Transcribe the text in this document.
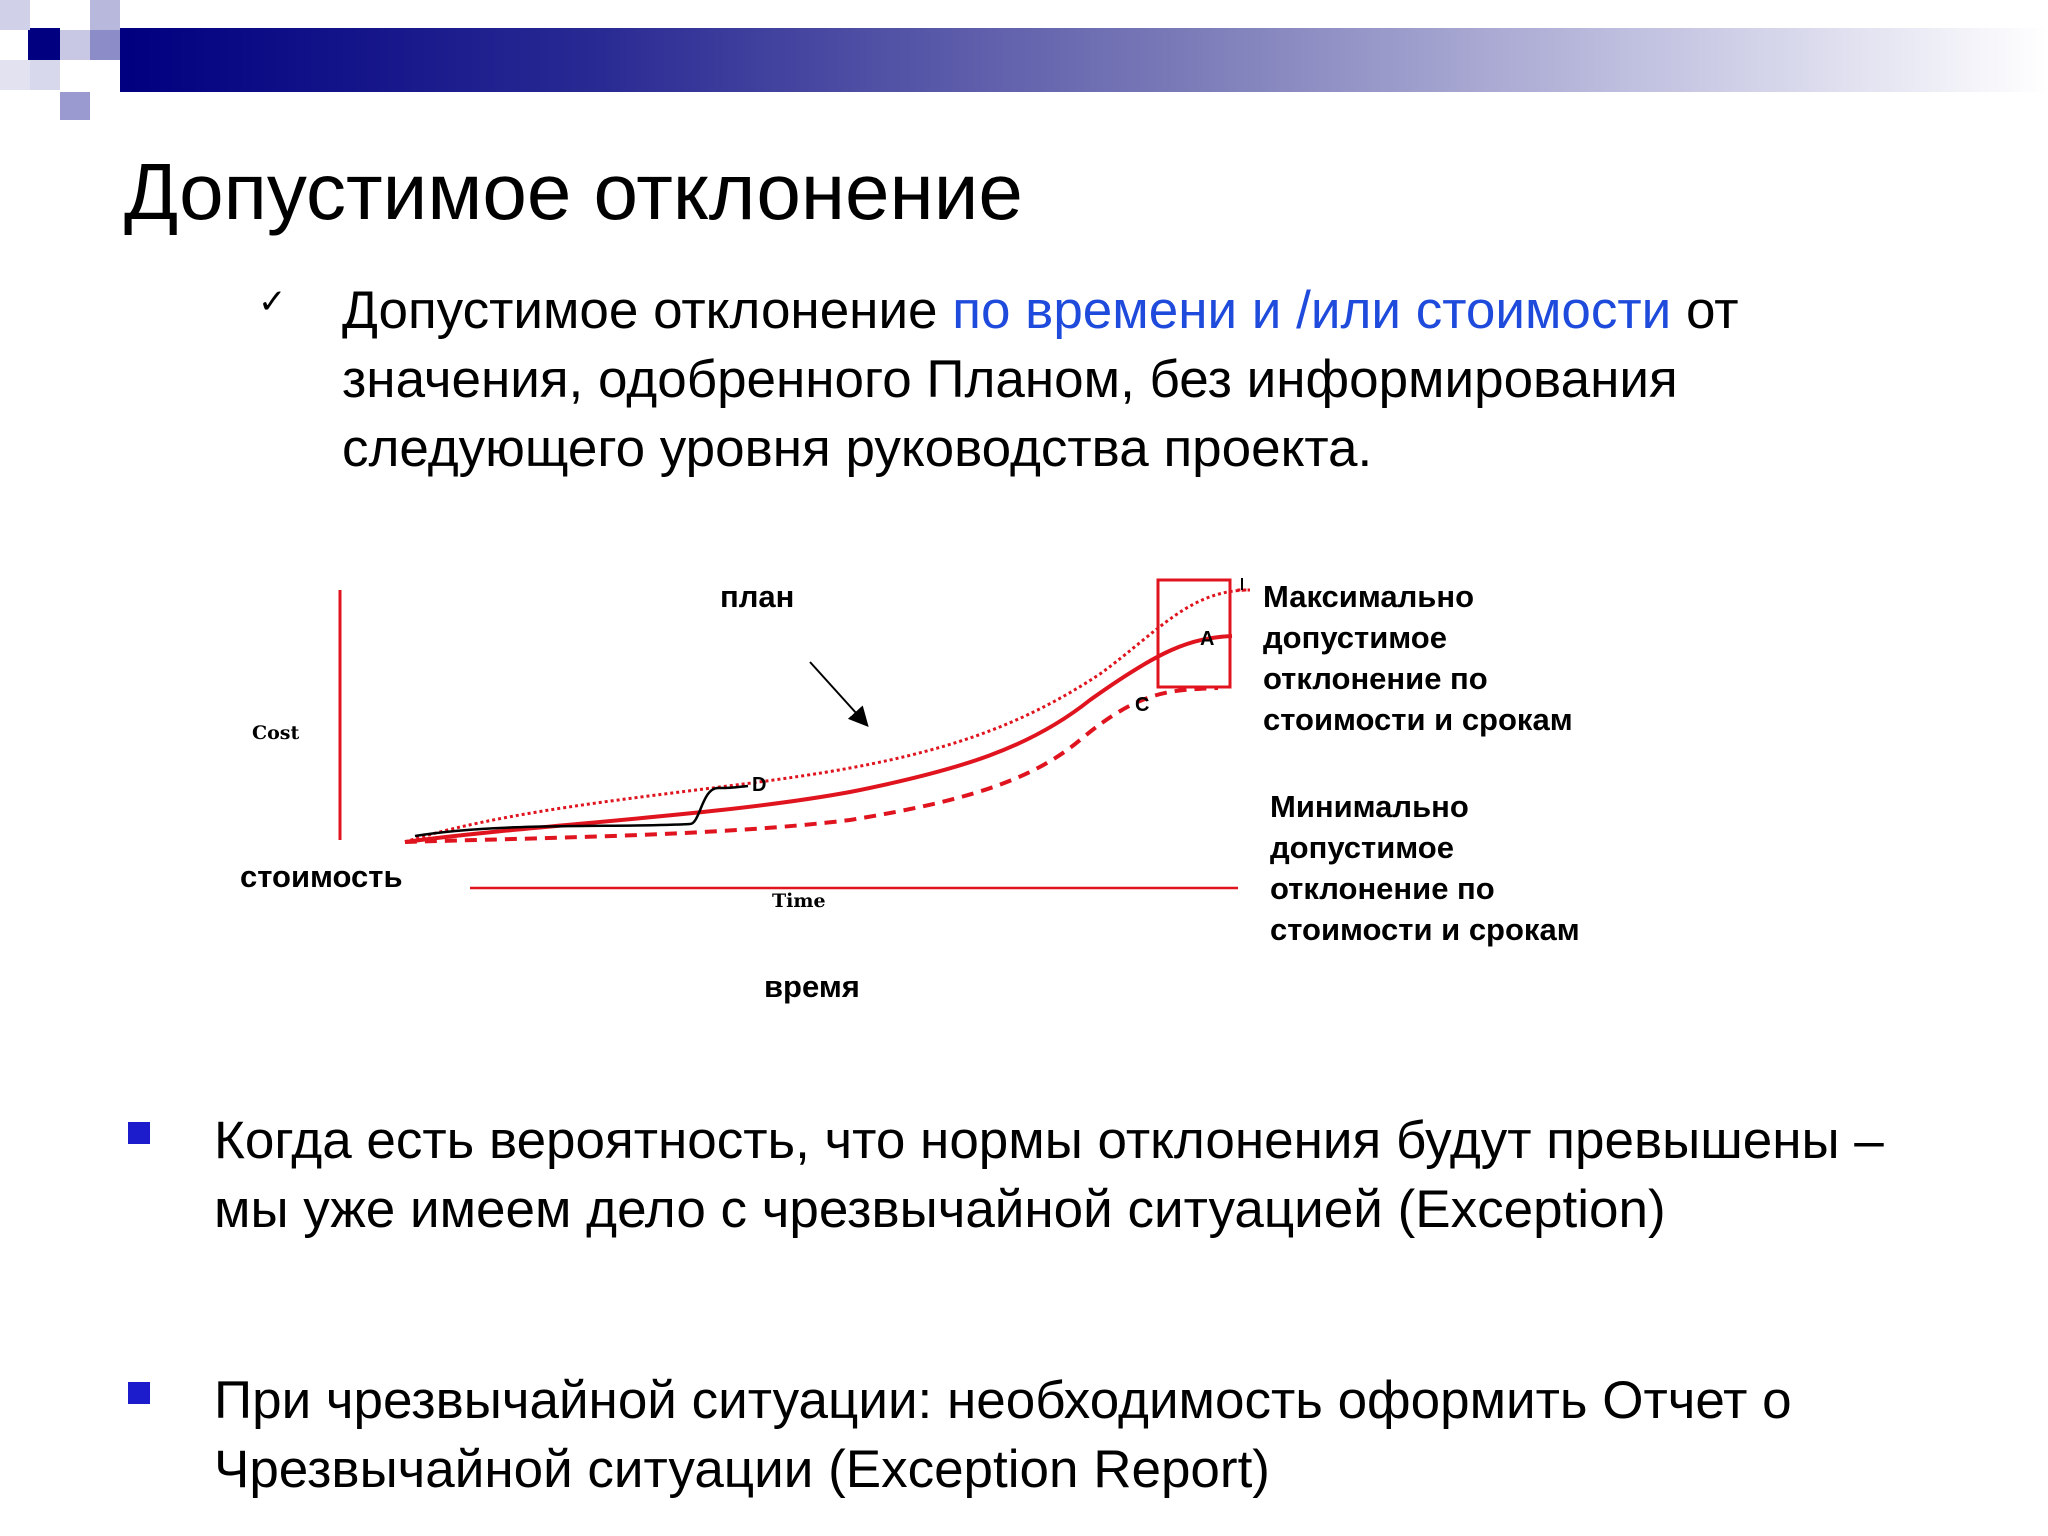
Допустимое отклонение
✓ Допустимое отклонение по времени и /или стоимости от значения, одобренного Планом, без информирования следующего уровня руководства проекта.
план
Cost
стоимость
Time
время
A
C
D
Максимально
допустимое
отклонение по
стоимости и срокам
Минимально
допустимое
отклонение по
стоимости и срокам
Когда есть вероятность, что нормы отклонения будут превышены – мы уже имеем дело с чрезвычайной ситуацией (Exception)
При чрезвычайной ситуации: необходимость оформить Отчет о Чрезвычайной ситуации (Exception Report)
